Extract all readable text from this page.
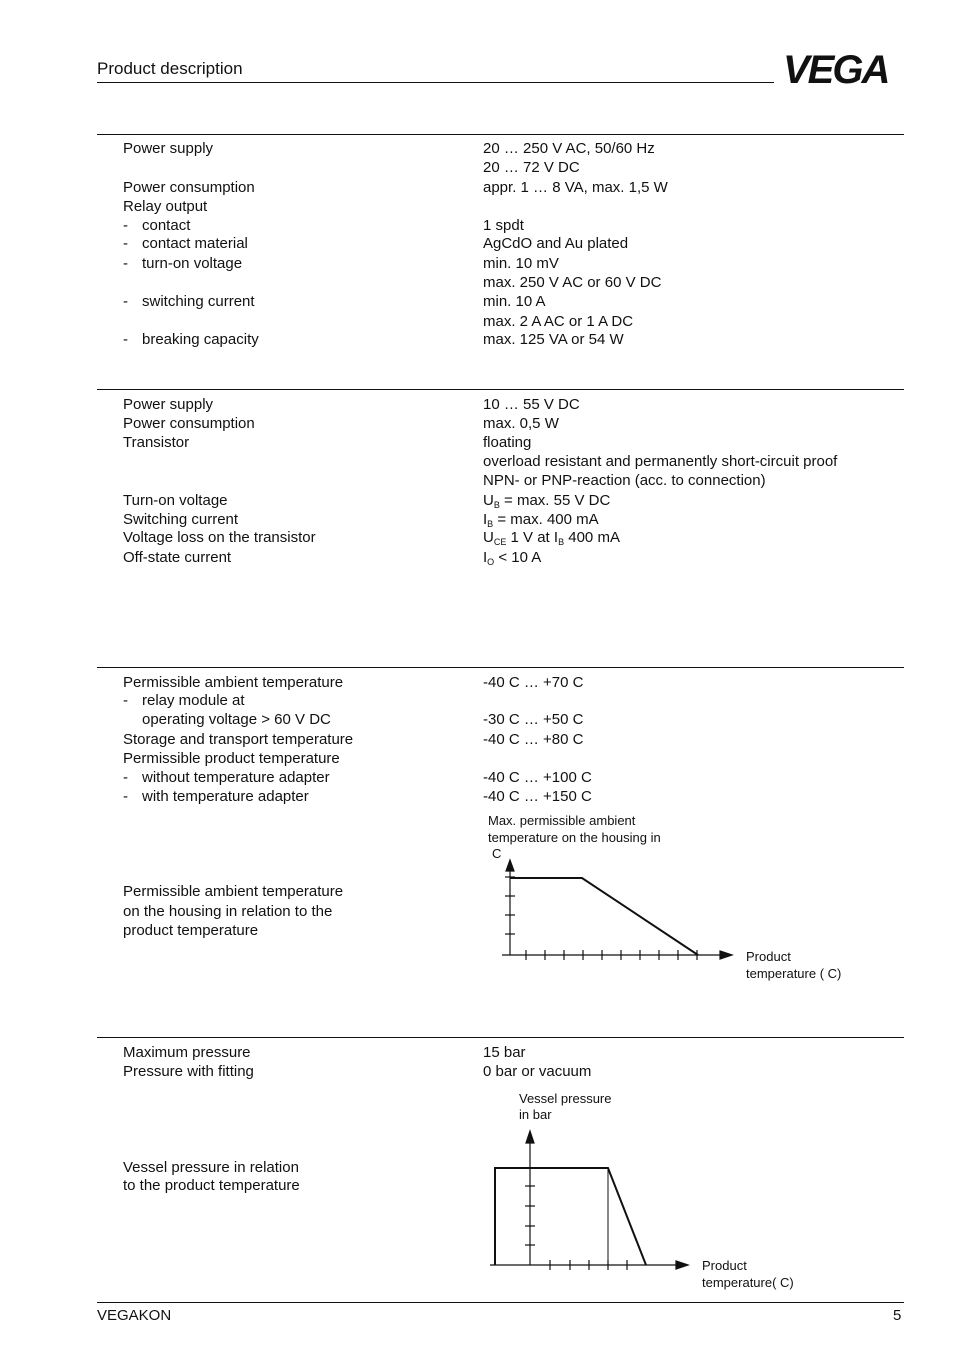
Product description	VEGA
Power supply	20 … 250 V AC, 50/60 Hz
20 … 72 V DC
Power consumption	appr. 1 … 8 VA, max. 1,5 W
Relay output
- contact	1 spdt
- contact material	AgCdO and Au plated
- turn-on voltage	min. 10 mV
max. 250 V AC or 60 V DC
- switching current	min. 10 A
max. 2 A AC or 1 A DC
- breaking capacity	max. 125 VA or 54 W
Power supply	10 … 55 V DC
Power consumption	max. 0,5 W
Transistor	floating
overload resistant and permanently short-circuit proof
NPN- or PNP-reaction (acc. to connection)
Turn-on voltage	$U_B = \max$. 55 V DC
Switching current	$I_B = \max$. 400 mA
Voltage loss on the transistor	$U_{CE}$ 1 V at $I_B$ 400 mA
Off-state current	$I_O < 10$ A
Permissible ambient temperature	-40 C … +70 C
- relay module at
operating voltage > 60 V DC	-30 C … +50 C
Storage and transport temperature	-40 C … +80 C
Permissible product temperature
- without temperature adapter	-40 C … +100 C
- with temperature adapter	-40 C … +150 C
Max. permissible ambient
temperature on the housing in
C
Permissible ambient temperature
on the housing in relation to the
product temperature
Product
temperature ( C)
Maximum pressure	15 bar
Pressure with fitting	0 bar or vacuum
Vessel pressure
in bar
Vessel pressure in relation
to the product temperature
Product
temperature( C)
VEGAKON	5
